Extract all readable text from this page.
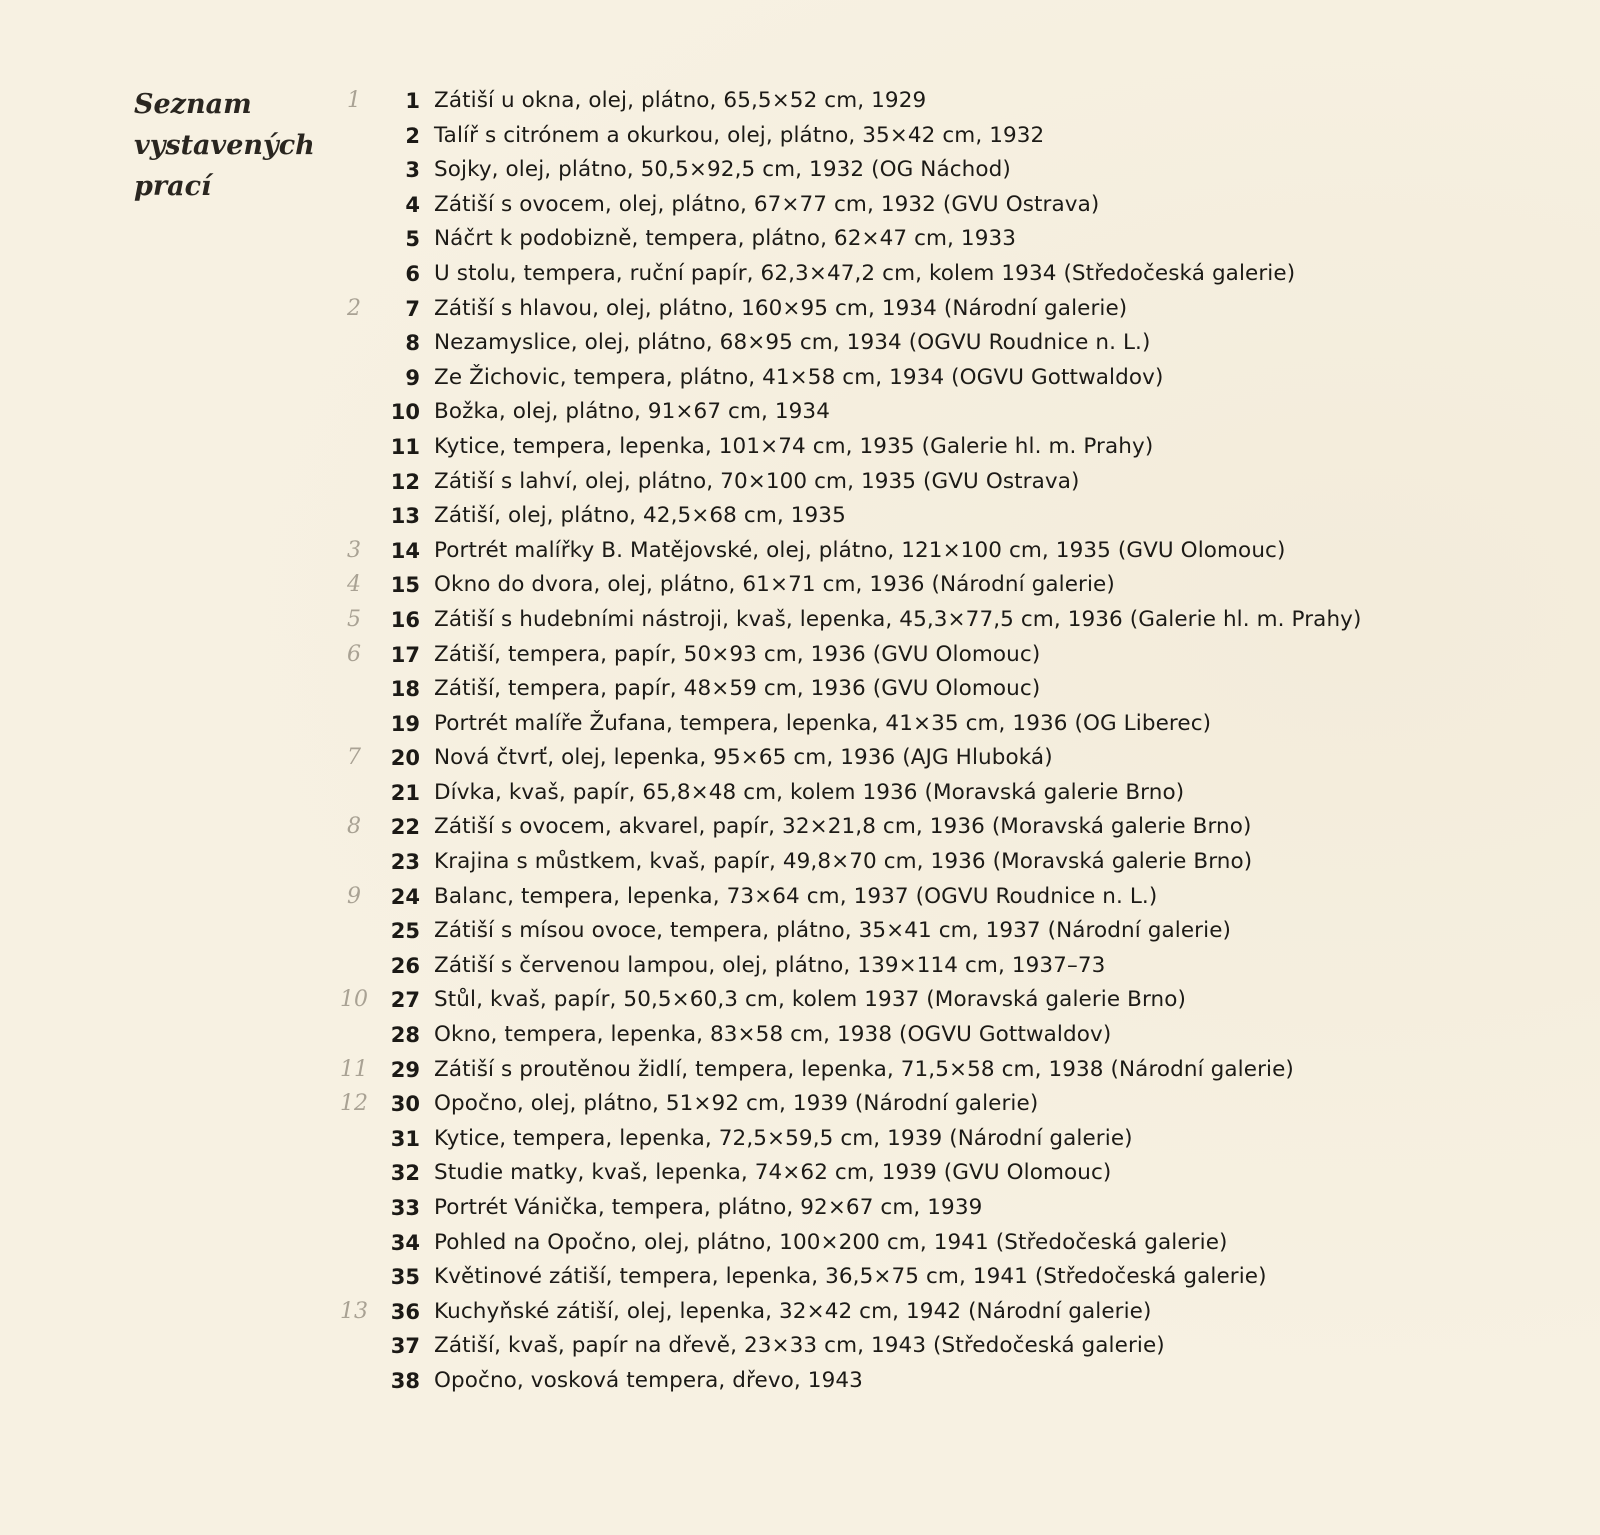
Seznam
vystavených
prací
1	1 Zátiší u okna, olej, plátno, 65,5×52 cm, 1929
2 Talíř s citrónem a okurkou, olej, plátno, 35×42 cm, 1932
3 Sojky, olej, plátno, 50,5×92,5 cm, 1932 (OG Náchod)
4 Zátiší s ovocem, olej, plátno, 67×77 cm, 1932 (GVU Ostrava)
5 Náčrt k podobizně, tempera, plátno, 62×47 cm, 1933
6 U stolu, tempera, ruční papír, 62,3×47,2 cm, kolem 1934 (Středočeská galerie)
2	7 Zátiší s hlavou, olej, plátno, 160×95 cm, 1934 (Národní galerie)
8 Nezamyslice, olej, plátno, 68×95 cm, 1934 (OGVU Roudnice n. L.)
9 Ze Žichovic, tempera, plátno, 41×58 cm, 1934 (OGVU Gottwaldov)
10 Božka, olej, plátno, 91×67 cm, 1934
11 Kytice, tempera, lepenka, 101×74 cm, 1935 (Galerie hl. m. Prahy)
12 Zátiší s lahví, olej, plátno, 70×100 cm, 1935 (GVU Ostrava)
13 Zátiší, olej, plátno, 42,5×68 cm, 1935
3	14 Portrét malířky B. Matějovské, olej, plátno, 121×100 cm, 1935 (GVU Olomouc)
4	15 Okno do dvora, olej, plátno, 61×71 cm, 1936 (Národní galerie)
5	16 Zátiší s hudebními nástroji, kvaš, lepenka, 45,3×77,5 cm, 1936 (Galerie hl. m. Prahy)
6	17 Zátiší, tempera, papír, 50×93 cm, 1936 (GVU Olomouc)
18 Zátiší, tempera, papír, 48×59 cm, 1936 (GVU Olomouc)
19 Portrét malíře Žufana, tempera, lepenka, 41×35 cm, 1936 (OG Liberec)
7	20 Nová čtvrť, olej, lepenka, 95×65 cm, 1936 (AJG Hluboká)
21 Dívka, kvaš, papír, 65,8×48 cm, kolem 1936 (Moravská galerie Brno)
8	22 Zátiší s ovocem, akvarel, papír, 32×21,8 cm, 1936 (Moravská galerie Brno)
23 Krajina s můstkem, kvaš, papír, 49,8×70 cm, 1936 (Moravská galerie Brno)
9	24 Balanc, tempera, lepenka, 73×64 cm, 1937 (OGVU Roudnice n. L.)
25 Zátiší s mísou ovoce, tempera, plátno, 35×41 cm, 1937 (Národní galerie)
26 Zátiší s červenou lampou, olej, plátno, 139×114 cm, 1937–73
10	27 Stůl, kvaš, papír, 50,5×60,3 cm, kolem 1937 (Moravská galerie Brno)
28 Okno, tempera, lepenka, 83×58 cm, 1938 (OGVU Gottwaldov)
11	29 Zátiší s proutěnou židlí, tempera, lepenka, 71,5×58 cm, 1938 (Národní galerie)
12	30 Opočno, olej, plátno, 51×92 cm, 1939 (Národní galerie)
31 Kytice, tempera, lepenka, 72,5×59,5 cm, 1939 (Národní galerie)
32 Studie matky, kvaš, lepenka, 74×62 cm, 1939 (GVU Olomouc)
33 Portrét Vánička, tempera, plátno, 92×67 cm, 1939
34 Pohled na Opočno, olej, plátno, 100×200 cm, 1941 (Středočeská galerie)
35 Květinové zátiší, tempera, lepenka, 36,5×75 cm, 1941 (Středočeská galerie)
13	36 Kuchyňské zátiší, olej, lepenka, 32×42 cm, 1942 (Národní galerie)
37 Zátiší, kvaš, papír na dřevě, 23×33 cm, 1943 (Středočeská galerie)
38 Opočno, vosková tempera, dřevo, 1943
